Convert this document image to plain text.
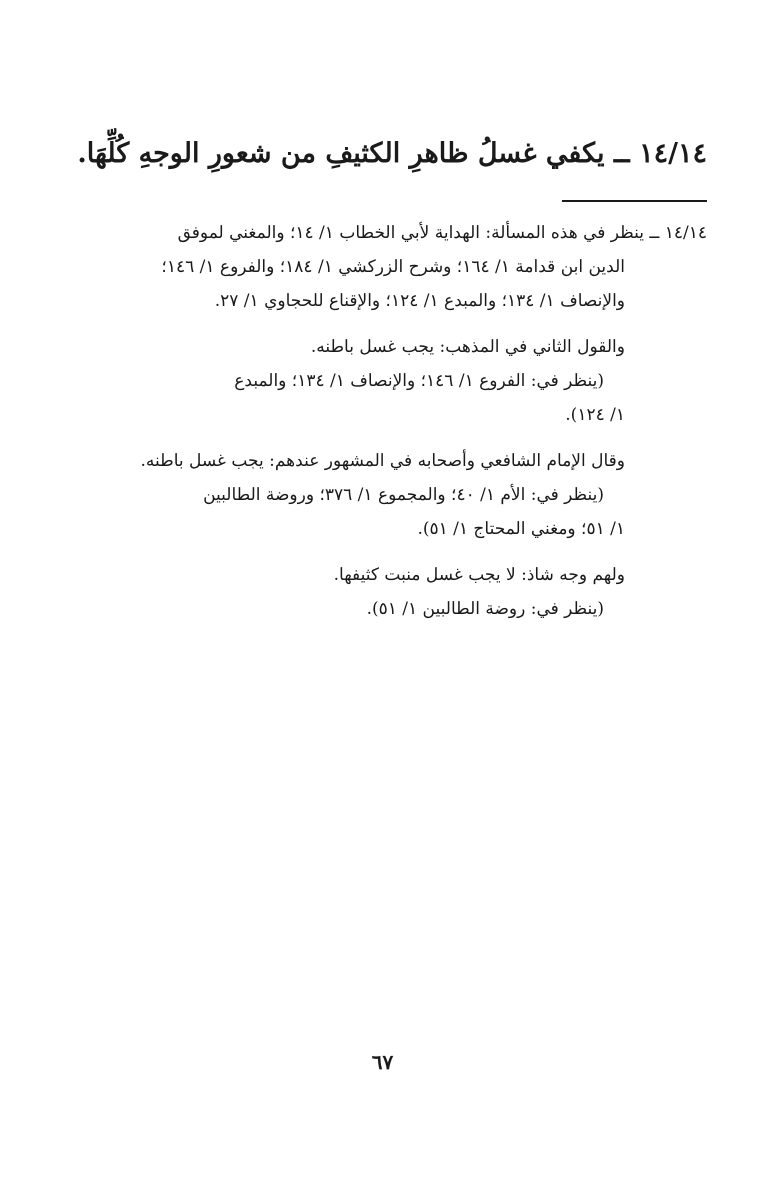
١٤/١٤ ــ يكفي غسلُ ظاهرِ الكثيفِ من شعورِ الوجهِ كُلِّهَا.
١٤/١٤ ــ ينظر في هذه المسألة: الهداية لأبي الخطاب ١/ ١٤؛ والمغني لموفق
الدين ابن قدامة ١/ ١٦٤؛ وشرح الزركشي ١/ ١٨٤؛ والفروع ١/ ١٤٦؛
والإنصاف ١/ ١٣٤؛ والمبدع ١/ ١٢٤؛ والإقناع للحجاوي ١/ ٢٧.
والقول الثاني في المذهب: يجب غسل باطنه.
(ينظر في: الفروع ١/ ١٤٦؛ والإنصاف ١/ ١٣٤؛ والمبدع
١/ ١٢٤).
وقال الإمام الشافعي وأصحابه في المشهور عندهم: يجب غسل باطنه.
(ينظر في: الأم ١/ ٤٠؛ والمجموع ١/ ٣٧٦؛ وروضة الطالبين
١/ ٥١؛ ومغني المحتاج ١/ ٥١).
ولهم وجه شاذ: لا يجب غسل منبت كثيفها.
(ينظر في: روضة الطالبين ١/ ٥١).
٦٧
